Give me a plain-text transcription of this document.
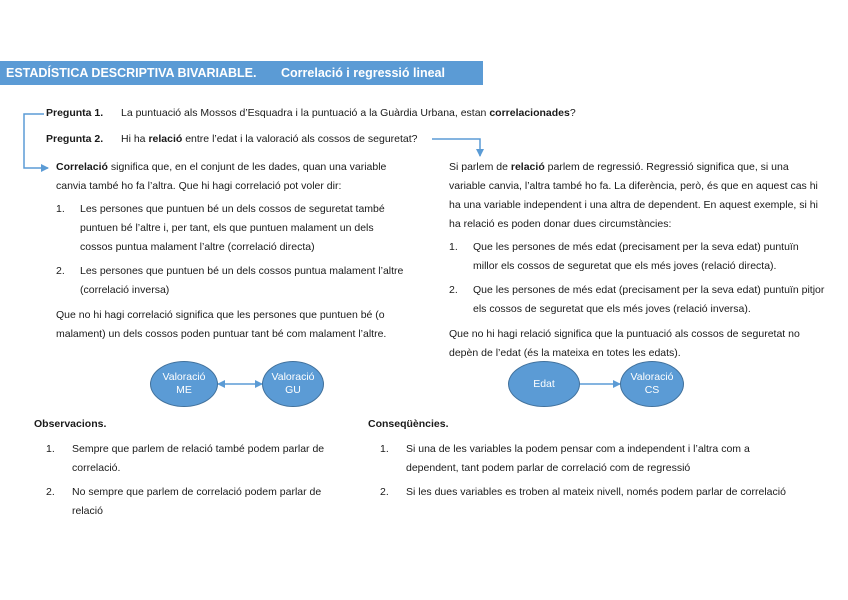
ESTADÍSTICA DESCRIPTIVA BIVARIABLE. Correlació i regressió lineal
Pregunta 1. La puntuació als Mossos d’Esquadra i la puntuació a la Guàrdia Urbana, estan correlacionades?
Pregunta 2. Hi ha relació entre l’edat i la valoració als cossos de seguretat?

Correlació significa que, en el conjunt de les dades, quan una variable canvia també ho fa l’altra. Que hi hagi correlació pot voler dir:

1. Les persones que puntuen bé un dels cossos de seguretat també puntuen bé l’altre i, per tant, els que puntuen malament un dels cossos puntua malament l’altre (correlació directa)
2. Les persones que puntuen bé un dels cossos puntua malament l’altre (correlació inversa)

Que no hi hagi correlació significa que les persones que puntuen bé (o malament) un dels cossos poden puntuar tant bé com malament l’altre.

Si parlem de relació parlem de regressió. Regressió significa que, si una variable canvia, l’altra també ho fa. La diferència, però, és que en aquest cas hi ha una variable independent i una altra de dependent. En aquest exemple, si hi ha relació es poden donar dues circumstàncies:

1. Que les persones de més edat (precisament per la seva edat) puntuïn millor els cossos de seguretat que els més joves (relació directa).
2. Que les persones de més edat (precisament per la seva edat) puntuïn pitjor els cossos de seguretat que els més joves (relació inversa).

Que no hi hagi relació significa que la puntuació als cossos de seguretat no depèn de l’edat (és la mateixa en totes les edats).

Valoració
ME
Valoració
GU
Edat
Valoració
CS
Observacions.
1. Sempre que parlem de relació també podem parlar de correlació.
2. No sempre que parlem de correlació podem parlar de relació
Conseqüències.
1. Si una de les variables la podem pensar com a independent i l’altra com a dependent, tant podem parlar de correlació com de regressió
2. Si les dues variables es troben al mateix nivell, només podem parlar de correlació
